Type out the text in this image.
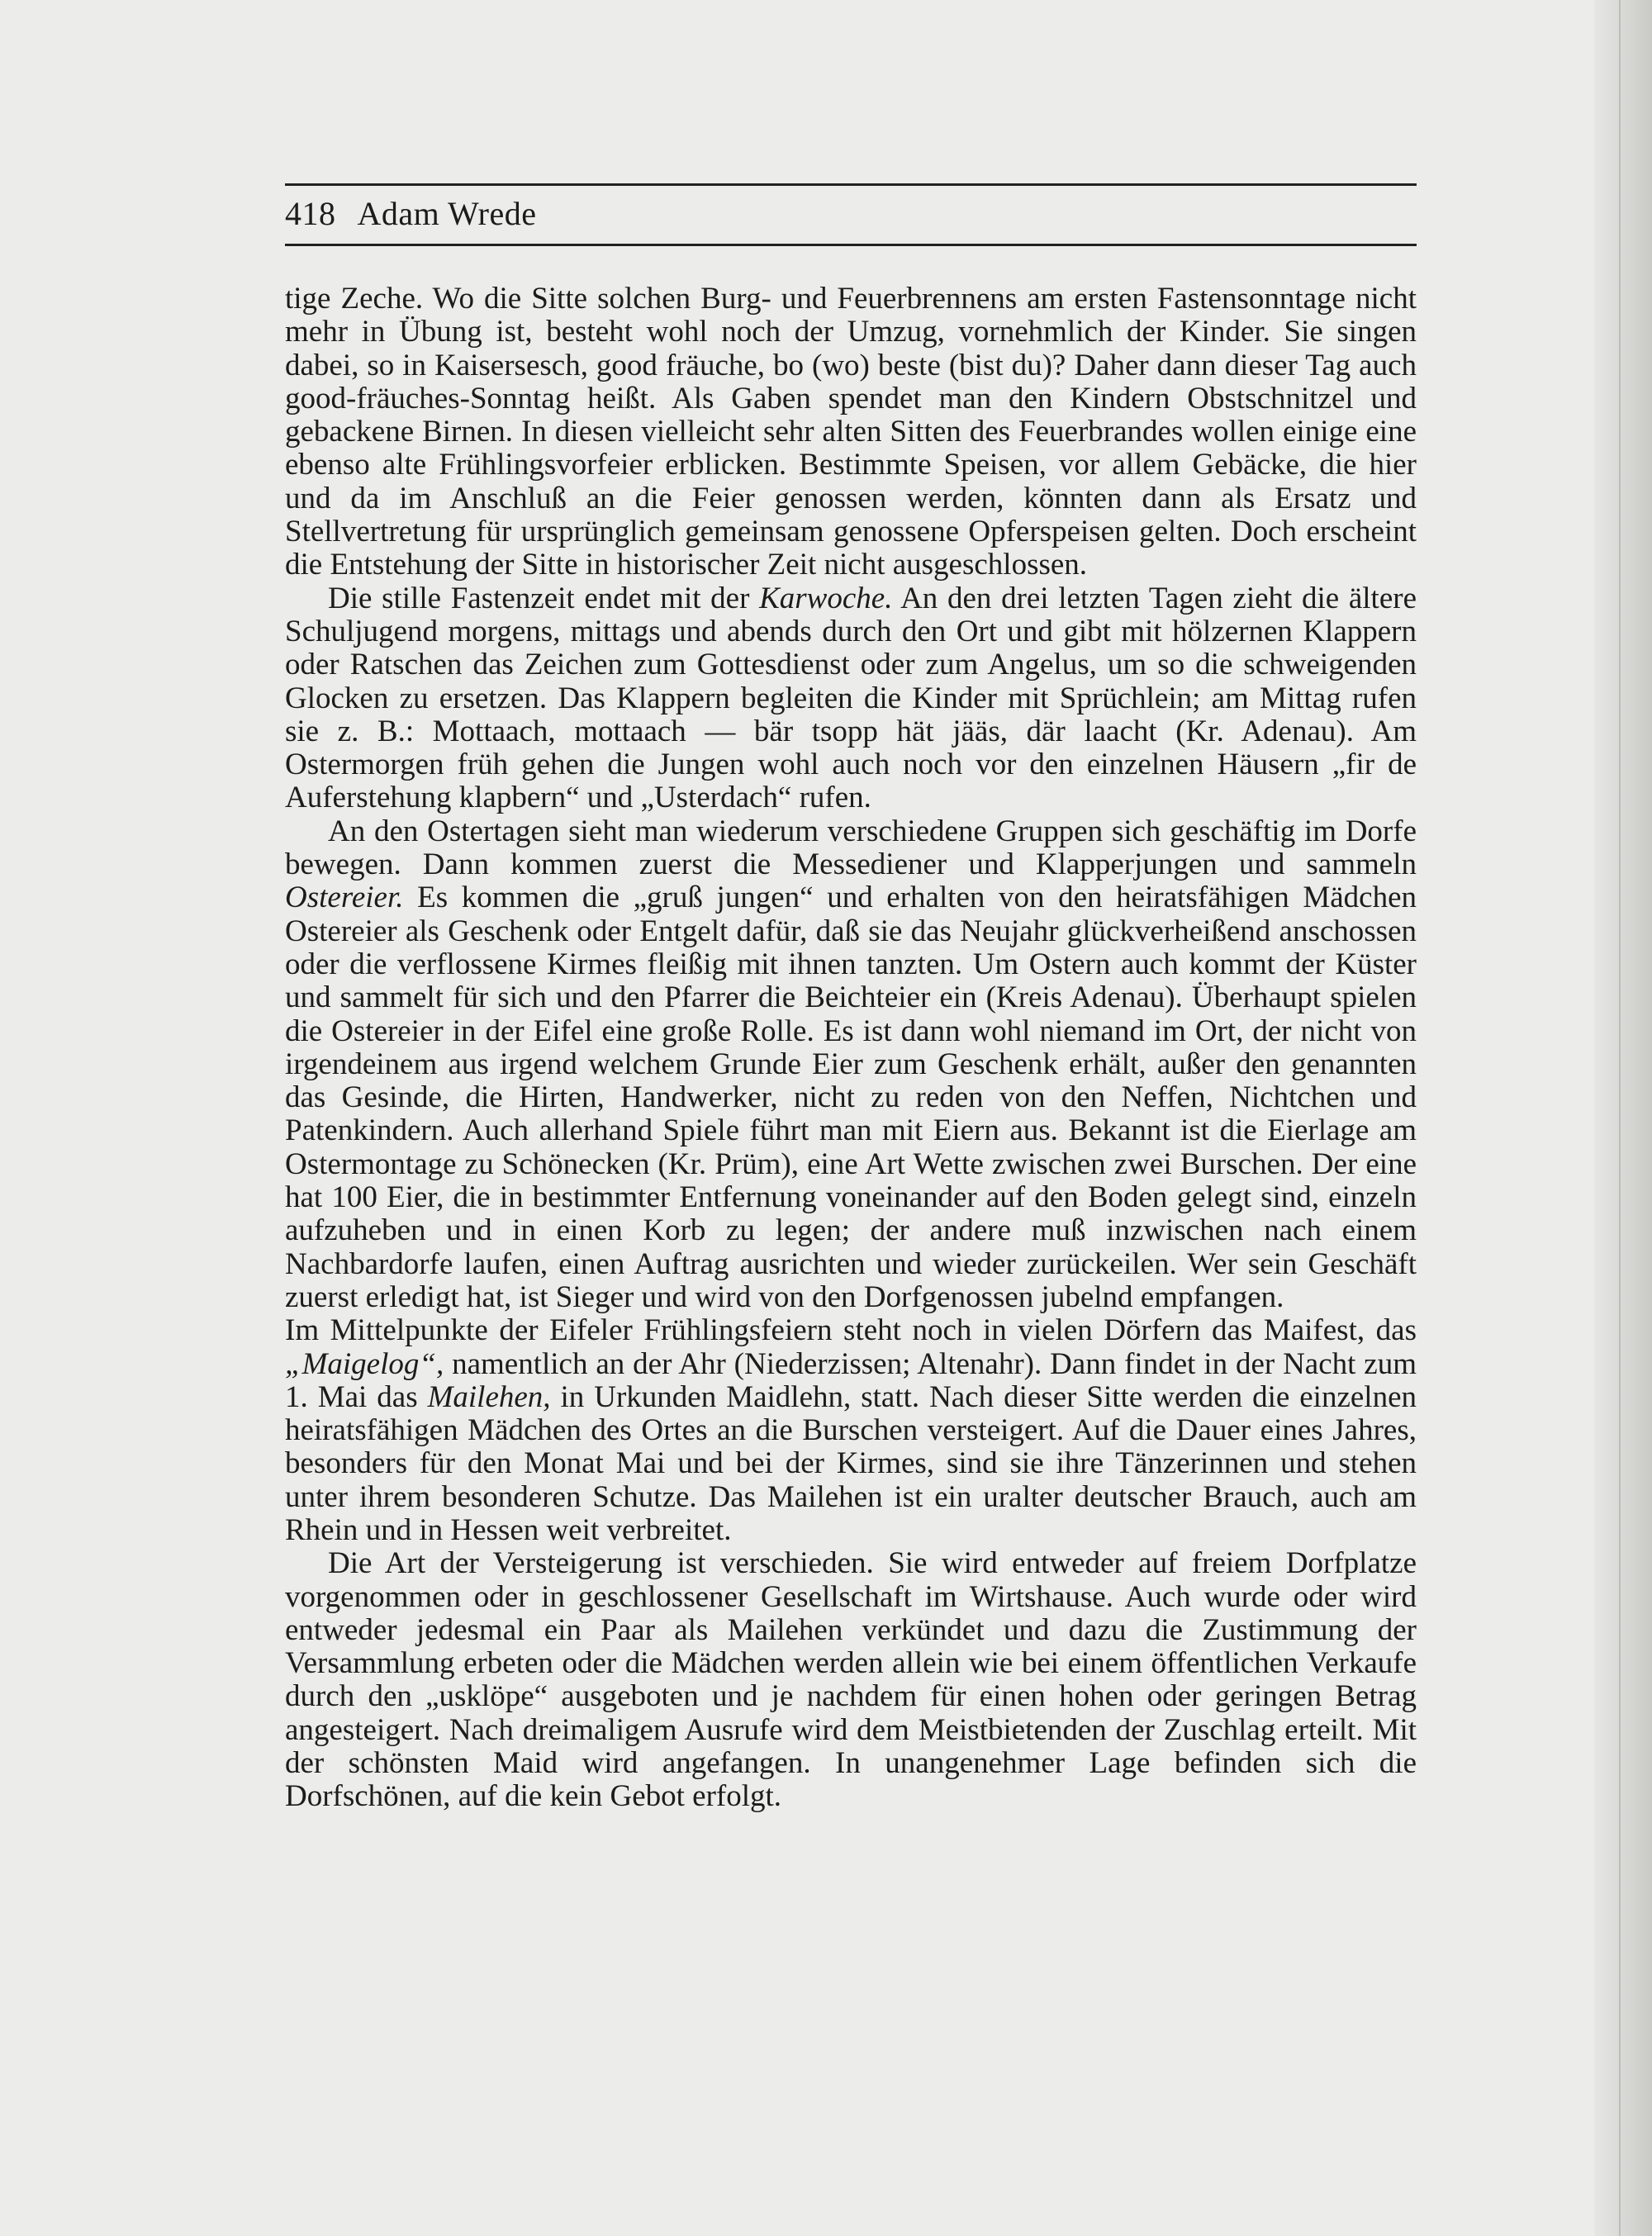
418 Adam Wrede

tige Zeche. Wo die Sitte solchen Burg- und Feuerbrennens am ersten Fastensonntage nicht mehr in Übung ist, besteht wohl noch der Umzug, vornehmlich der Kinder. Sie singen dabei, so in Kaisersesch, good fräuche, bo (wo) beste (bist du)? Daher dann dieser Tag auch good-fräuches-Sonntag heißt. Als Gaben spendet man den Kindern Obstschnitzel und gebackene Birnen. In diesen vielleicht sehr alten Sitten des Feuerbrandes wollen einige eine ebenso alte Frühlingsvorfeier erblicken. Bestimmte Speisen, vor allem Gebäcke, die hier und da im Anschluß an die Feier genossen werden, könnten dann als Ersatz und Stellvertretung für ursprünglich gemeinsam genossene Opferspeisen gelten. Doch erscheint die Entstehung der Sitte in historischer Zeit nicht ausgeschlossen.

Die stille Fastenzeit endet mit der Karwoche. An den drei letzten Tagen zieht die ältere Schuljugend morgens, mittags und abends durch den Ort und gibt mit hölzernen Klappern oder Ratschen das Zeichen zum Gottesdienst oder zum Angelus, um so die schweigenden Glocken zu ersetzen. Das Klappern begleiten die Kinder mit Sprüchlein; am Mittag rufen sie z. B.: Mottaach, mottaach — bär tsopp hät jääs, där laacht (Kr. Adenau). Am Ostermorgen früh gehen die Jungen wohl auch noch vor den einzelnen Häusern „fir de Auferstehung klapbern“ und „Usterdach“ rufen.

An den Ostertagen sieht man wiederum verschiedene Gruppen sich geschäftig im Dorfe bewegen. Dann kommen zuerst die Messediener und Klapperjungen und sammeln Ostereier. Es kommen die „gruß jungen“ und erhalten von den heiratsfähigen Mädchen Ostereier als Geschenk oder Entgelt dafür, daß sie das Neujahr glückverheißend anschossen oder die verflossene Kirmes fleißig mit ihnen tanzten. Um Ostern auch kommt der Küster und sammelt für sich und den Pfarrer die Beichteier ein (Kreis Adenau). Überhaupt spielen die Ostereier in der Eifel eine große Rolle. Es ist dann wohl niemand im Ort, der nicht von irgendeinem aus irgend welchem Grunde Eier zum Geschenk erhält, außer den genannten das Gesinde, die Hirten, Handwerker, nicht zu reden von den Neffen, Nichtchen und Patenkindern. Auch allerhand Spiele führt man mit Eiern aus. Bekannt ist die Eierlage am Ostermontage zu Schönecken (Kr. Prüm), eine Art Wette zwischen zwei Burschen. Der eine hat 100 Eier, die in bestimmter Entfernung voneinander auf den Boden gelegt sind, einzeln aufzuheben und in einen Korb zu legen; der andere muß inzwischen nach einem Nachbardorfe laufen, einen Auftrag ausrichten und wieder zurückeilen. Wer sein Geschäft zuerst erledigt hat, ist Sieger und wird von den Dorfgenossen jubelnd empfangen.

Im Mittelpunkte der Eifeler Frühlingsfeiern steht noch in vielen Dörfern das Maifest, das „Maigelog“, namentlich an der Ahr (Niederzissen; Altenahr). Dann findet in der Nacht zum 1. Mai das Mailehen, in Urkunden Maidlehn, statt. Nach dieser Sitte werden die einzelnen heiratsfähigen Mädchen des Ortes an die Burschen versteigert. Auf die Dauer eines Jahres, besonders für den Monat Mai und bei der Kirmes, sind sie ihre Tänzerinnen und stehen unter ihrem besonderen Schutze. Das Mailehen ist ein uralter deutscher Brauch, auch am Rhein und in Hessen weit verbreitet.

Die Art der Versteigerung ist verschieden. Sie wird entweder auf freiem Dorfplatze vorgenommen oder in geschlossener Gesellschaft im Wirtshause. Auch wurde oder wird entweder jedesmal ein Paar als Mailehen verkündet und dazu die Zustimmung der Versammlung erbeten oder die Mädchen werden allein wie bei einem öffentlichen Verkaufe durch den „usklöpe“ ausgeboten und je nachdem für einen hohen oder geringen Betrag angesteigert. Nach dreimaligem Ausrufe wird dem Meistbietenden der Zuschlag erteilt. Mit der schönsten Maid wird angefangen. In unangenehmer Lage befinden sich die Dorfschönen, auf die kein Gebot erfolgt.
